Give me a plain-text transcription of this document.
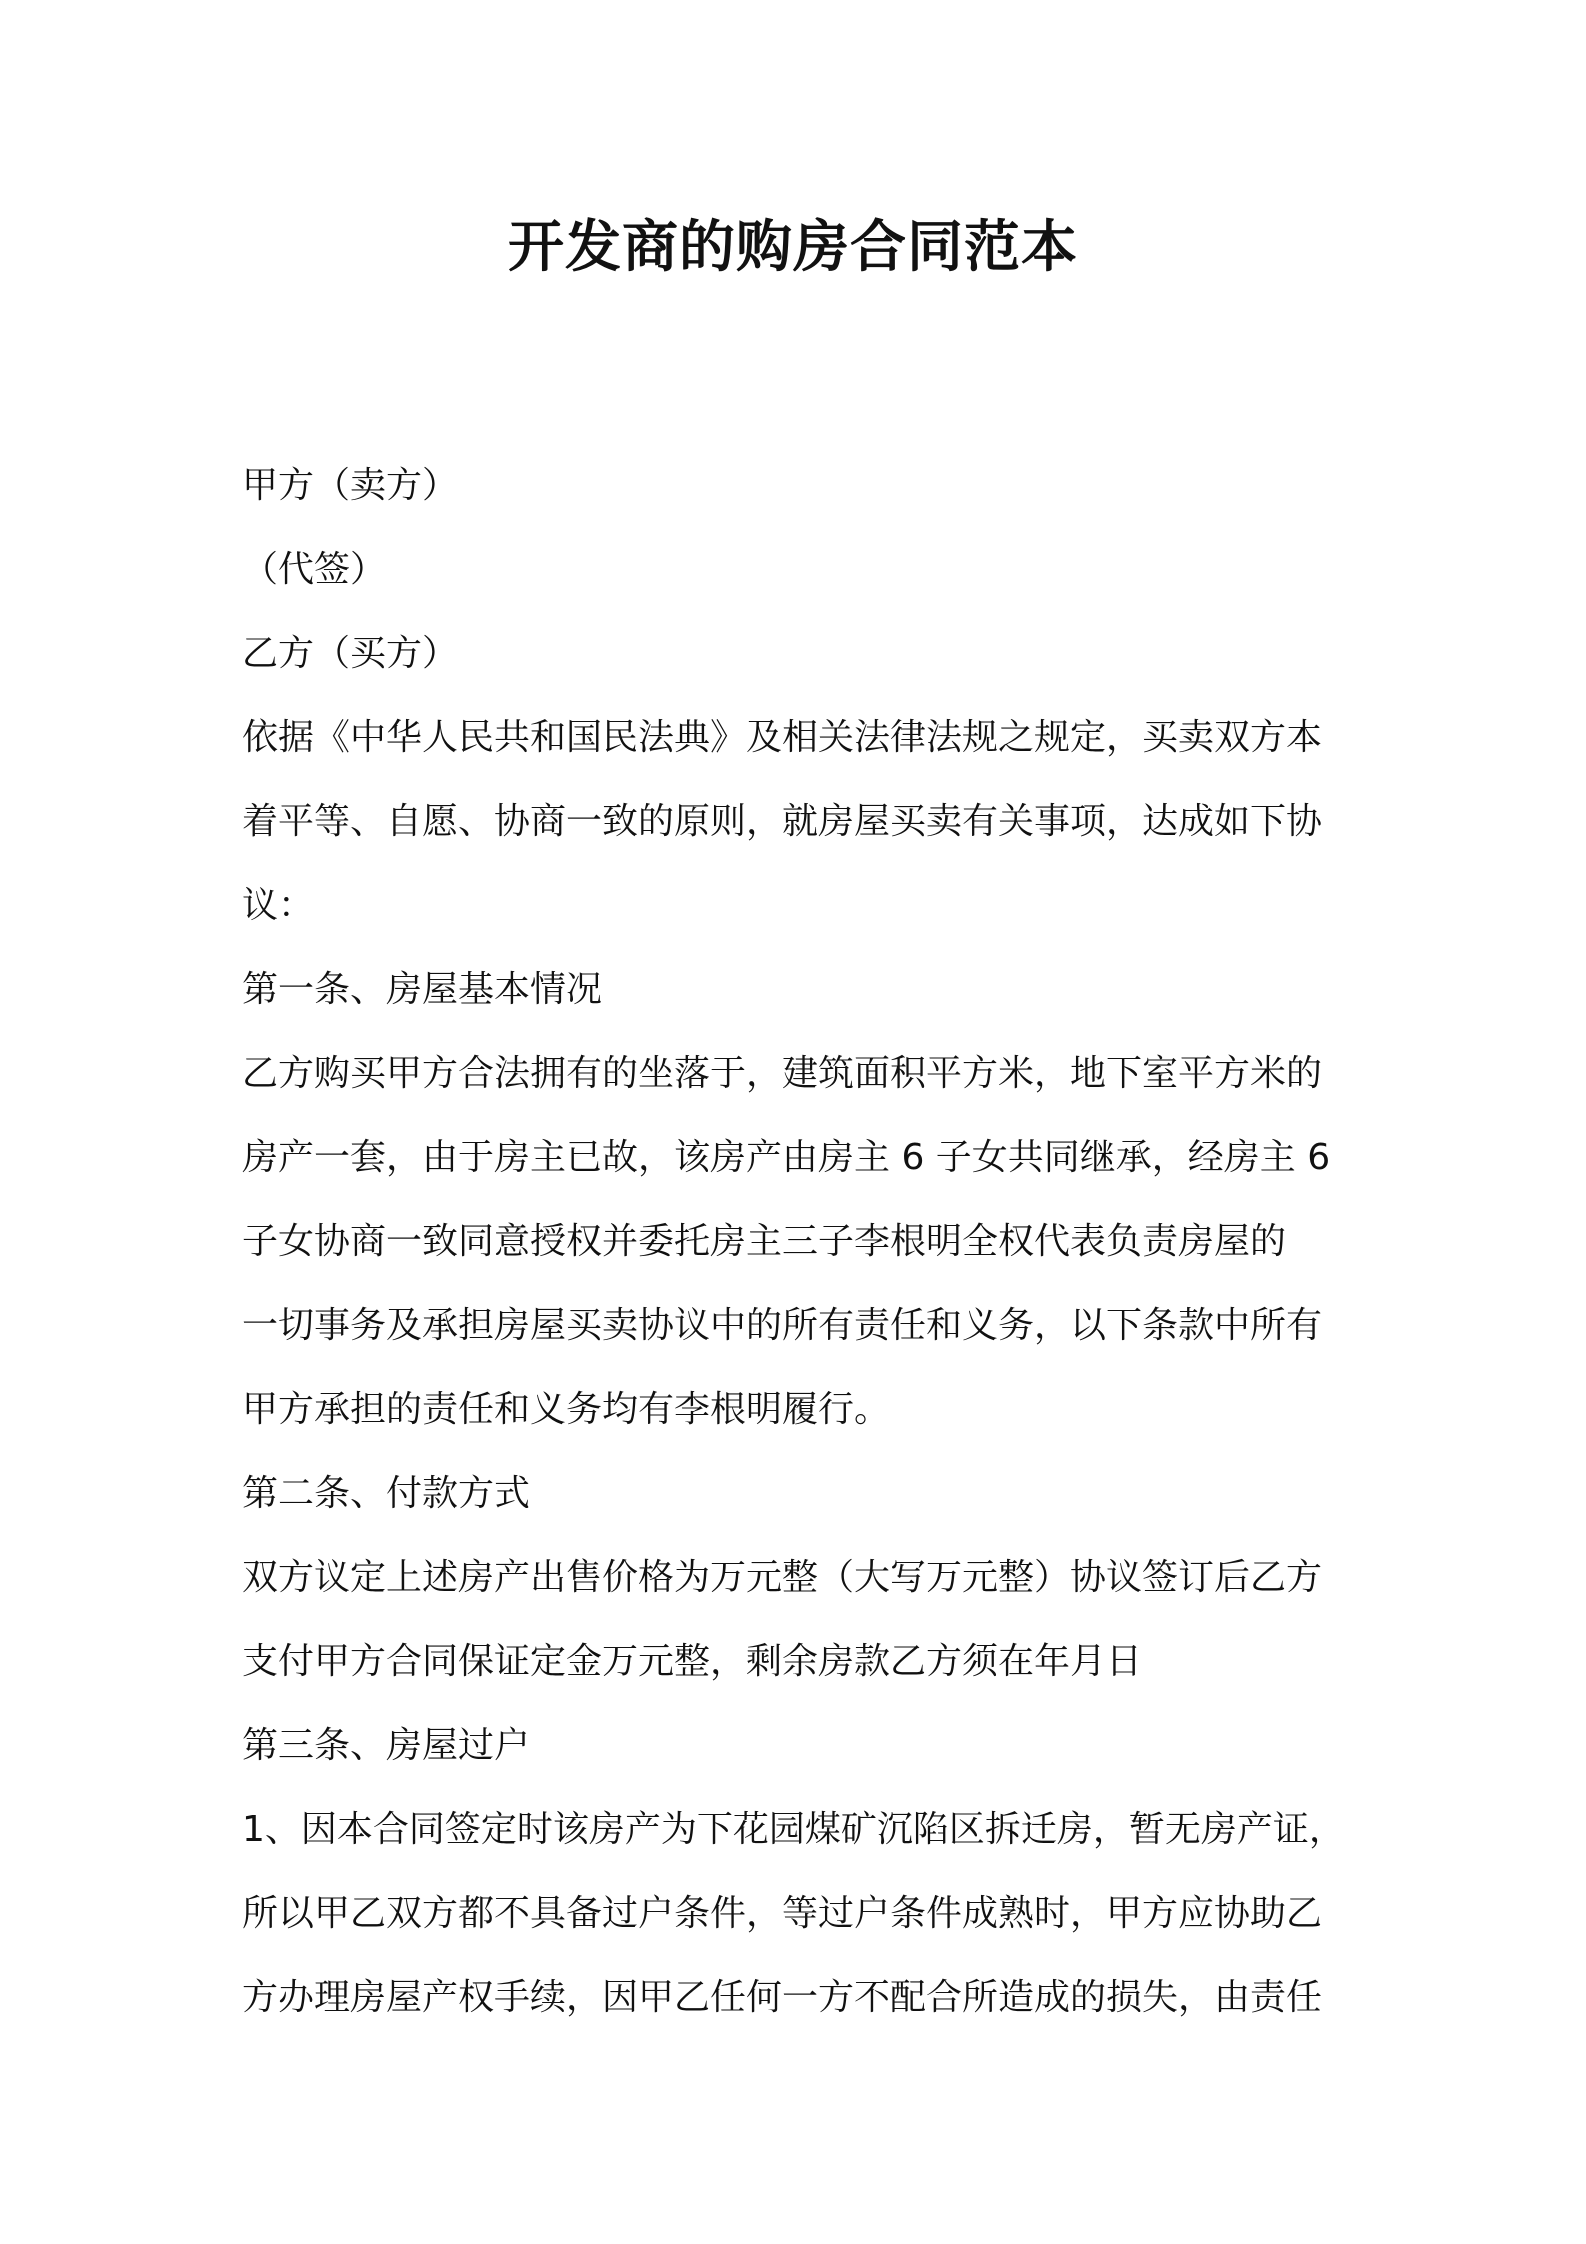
开发商的购房合同范本

甲方（卖方）

（代签）

乙方（买方）

依据《中华人民共和国民法典》及相关法律法规之规定，买卖双方本

着平等、自愿、协商一致的原则，就房屋买卖有关事项，达成如下协

议：

第一条、房屋基本情况

乙方购买甲方合法拥有的坐落于，建筑面积平方米，地下室平方米的

房产一套，由于房主已故，该房产由房主 6 子女共同继承，经房主 6

子女协商一致同意授权并委托房主三子李根明全权代表负责房屋的

一切事务及承担房屋买卖协议中的所有责任和义务，以下条款中所有

甲方承担的责任和义务均有李根明履行。

第二条、付款方式

双方议定上述房产出售价格为万元整（大写万元整）协议签订后乙方

支付甲方合同保证定金万元整，剩余房款乙方须在年月日

第三条、房屋过户

1、因本合同签定时该房产为下花园煤矿沉陷区拆迁房，暂无房产证，

所以甲乙双方都不具备过户条件，等过户条件成熟时，甲方应协助乙

方办理房屋产权手续，因甲乙任何一方不配合所造成的损失，由责任
